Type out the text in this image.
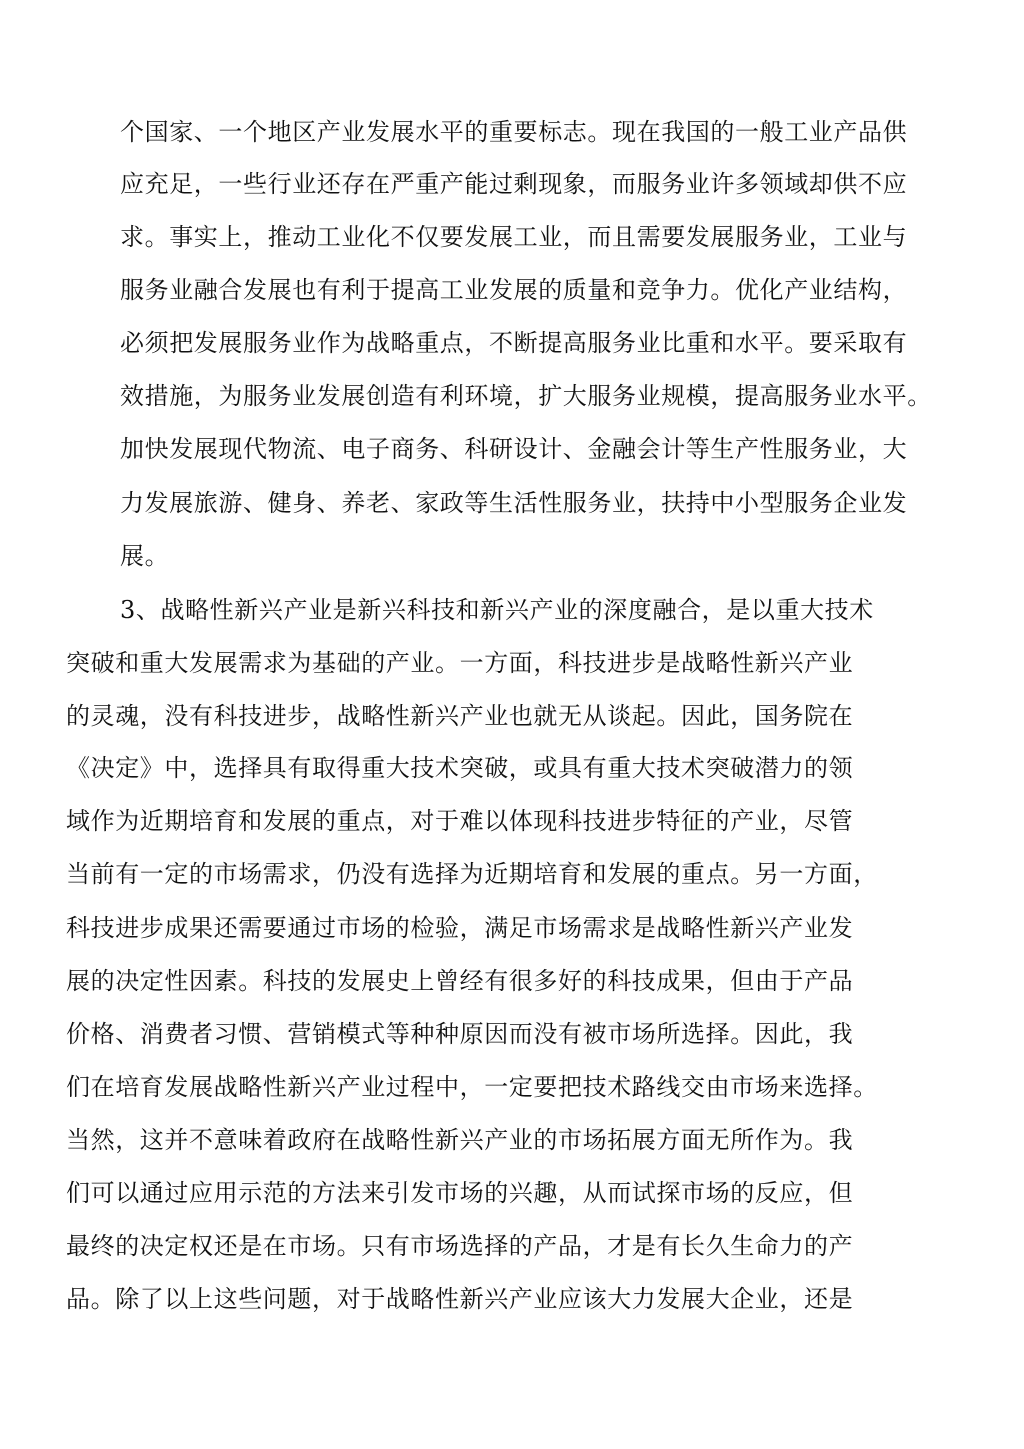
个国家、一个地区产业发展水平的重要标志。现在我国的一般工业产品供
应充足，一些行业还存在严重产能过剩现象，而服务业许多领域却供不应
求。事实上，推动工业化不仅要发展工业，而且需要发展服务业，工业与
服务业融合发展也有利于提高工业发展的质量和竞争力。优化产业结构，
必须把发展服务业作为战略重点，不断提高服务业比重和水平。要采取有
效措施，为服务业发展创造有利环境，扩大服务业规模，提高服务业水平。
加快发展现代物流、电子商务、科研设计、金融会计等生产性服务业，大
力发展旅游、健身、养老、家政等生活性服务业，扶持中小型服务企业发
展。
3、战略性新兴产业是新兴科技和新兴产业的深度融合，是以重大技术
突破和重大发展需求为基础的产业。一方面，科技进步是战略性新兴产业
的灵魂，没有科技进步，战略性新兴产业也就无从谈起。因此，国务院在
《决定》中，选择具有取得重大技术突破，或具有重大技术突破潜力的领
域作为近期培育和发展的重点，对于难以体现科技进步特征的产业，尽管
当前有一定的市场需求，仍没有选择为近期培育和发展的重点。另一方面，
科技进步成果还需要通过市场的检验，满足市场需求是战略性新兴产业发
展的决定性因素。科技的发展史上曾经有很多好的科技成果，但由于产品
价格、消费者习惯、营销模式等种种原因而没有被市场所选择。因此，我
们在培育发展战略性新兴产业过程中，一定要把技术路线交由市场来选择。
当然，这并不意味着政府在战略性新兴产业的市场拓展方面无所作为。我
们可以通过应用示范的方法来引发市场的兴趣，从而试探市场的反应，但
最终的决定权还是在市场。只有市场选择的产品，才是有长久生命力的产
品。除了以上这些问题，对于战略性新兴产业应该大力发展大企业，还是
